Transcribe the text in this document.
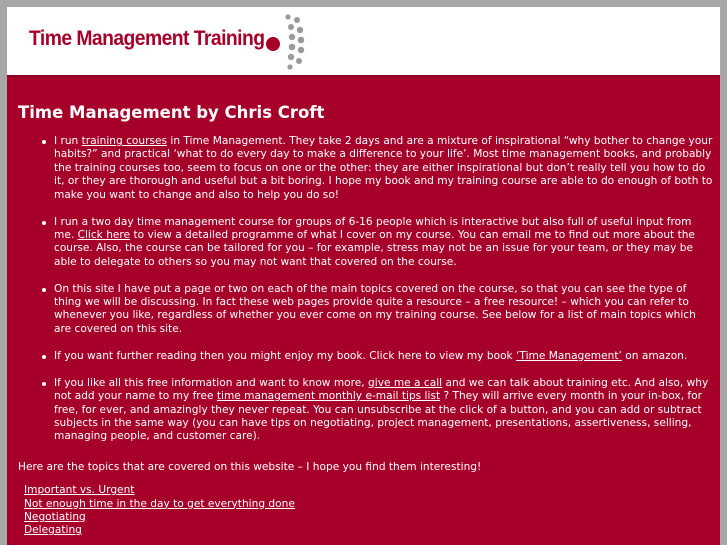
Time Management Training
Time Management by Chris Croft
I run training courses in Time Management. They take 2 days and are a mixture of inspirational “why bother to change your habits?” and practical ‘what to do every day to make a difference to your life’. Most time management books, and probably the training courses too, seem to focus on one or the other: they are either inspirational but don’t really tell you how to do it, or they are thorough and useful but a bit boring. I hope my book and my training course are able to do enough of both to make you want to change and also to help you do so!
I run a two day time management course for groups of 6-16 people which is interactive but also full of useful input from me. Click here to view a detailed programme of what I cover on my course. You can email me to find out more about the course. Also, the course can be tailored for you – for example, stress may not be an issue for your team, or they may be able to delegate to others so you may not want that covered on the course.
On this site I have put a page or two on each of the main topics covered on the course, so that you can see the type of thing we will be discussing. In fact these web pages provide quite a resource – a free resource! – which you can refer to whenever you like, regardless of whether you ever come on my training course. See below for a list of main topics which are covered on this site.
If you want further reading then you might enjoy my book. Click here to view my book ‘Time Management’ on amazon.
If you like all this free information and want to know more, give me a call and we can talk about training etc. And also, why not add your name to my free time management monthly e-mail tips list ? They will arrive every month in your in-box, for free, for ever, and amazingly they never repeat. You can unsubscribe at the click of a button, and you can add or subtract subjects in the same way (you can have tips on negotiating, project management, presentations, assertiveness, selling, managing people, and customer care).
Here are the topics that are covered on this website – I hope you find them interesting!
Important vs. Urgent
Not enough time in the day to get everything done
Negotiating
Delegating
